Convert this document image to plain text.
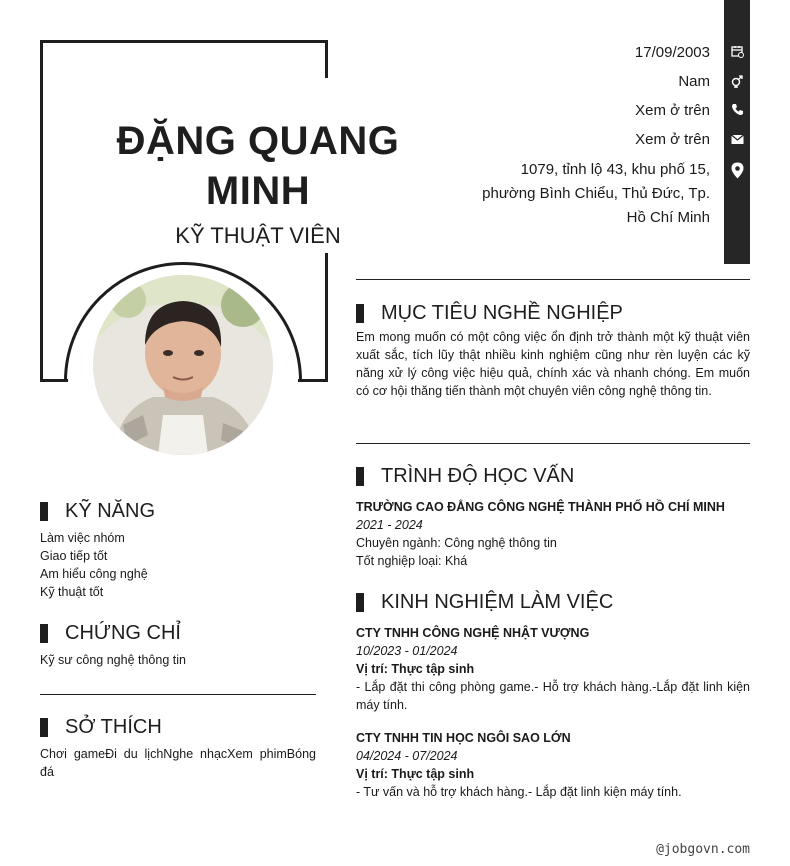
ĐẶNG QUANG MINH
KỸ THUẬT VIÊN
17/09/2003
Nam
Xem ở trên
Xem ở trên
1079, tỉnh lộ 43, khu phố 15, phường Bình Chiểu, Thủ Đức, Tp. Hồ Chí Minh
KỸ NĂNG
Làm việc nhóm
Giao tiếp tốt
Am hiểu công nghệ
Kỹ thuật tốt
CHỨNG CHỈ
Kỹ sư công nghệ thông tin
SỞ THÍCH
Chơi gameĐi du lịchNghe nhạcXem phimBóng đá
MỤC TIÊU NGHỀ NGHIỆP
Em mong muốn có một công việc ổn định trở thành một kỹ thuật viên xuất sắc, tích lũy thật nhiều kinh nghiệm cũng như rèn luyện các kỹ năng xử lý công việc hiệu quả, chính xác và nhanh chóng. Em muốn có cơ hội thăng tiến thành một chuyên viên công nghệ thông tin.
TRÌNH ĐỘ HỌC VẤN
TRƯỜNG CAO ĐẲNG CÔNG NGHỆ THÀNH PHỐ HỒ CHÍ MINH
2021 - 2024
Chuyên ngành: Công nghệ thông tin
Tốt nghiệp loại: Khá
KINH NGHIỆM LÀM VIỆC
CTY TNHH CÔNG NGHỆ NHẬT VƯỢNG
10/2023 - 01/2024
Vị trí: Thực tập sinh
- Lắp đặt thi công phòng game.- Hỗ trợ khách hàng.-Lắp đặt linh kiện máy tính.
CTY TNHH TIN HỌC NGÔI SAO LỚN
04/2024 - 07/2024
Vị trí: Thực tập sinh
- Tư vấn và hỗ trợ khách hàng.- Lắp đặt linh kiện máy tính.
@jobgovn.com
